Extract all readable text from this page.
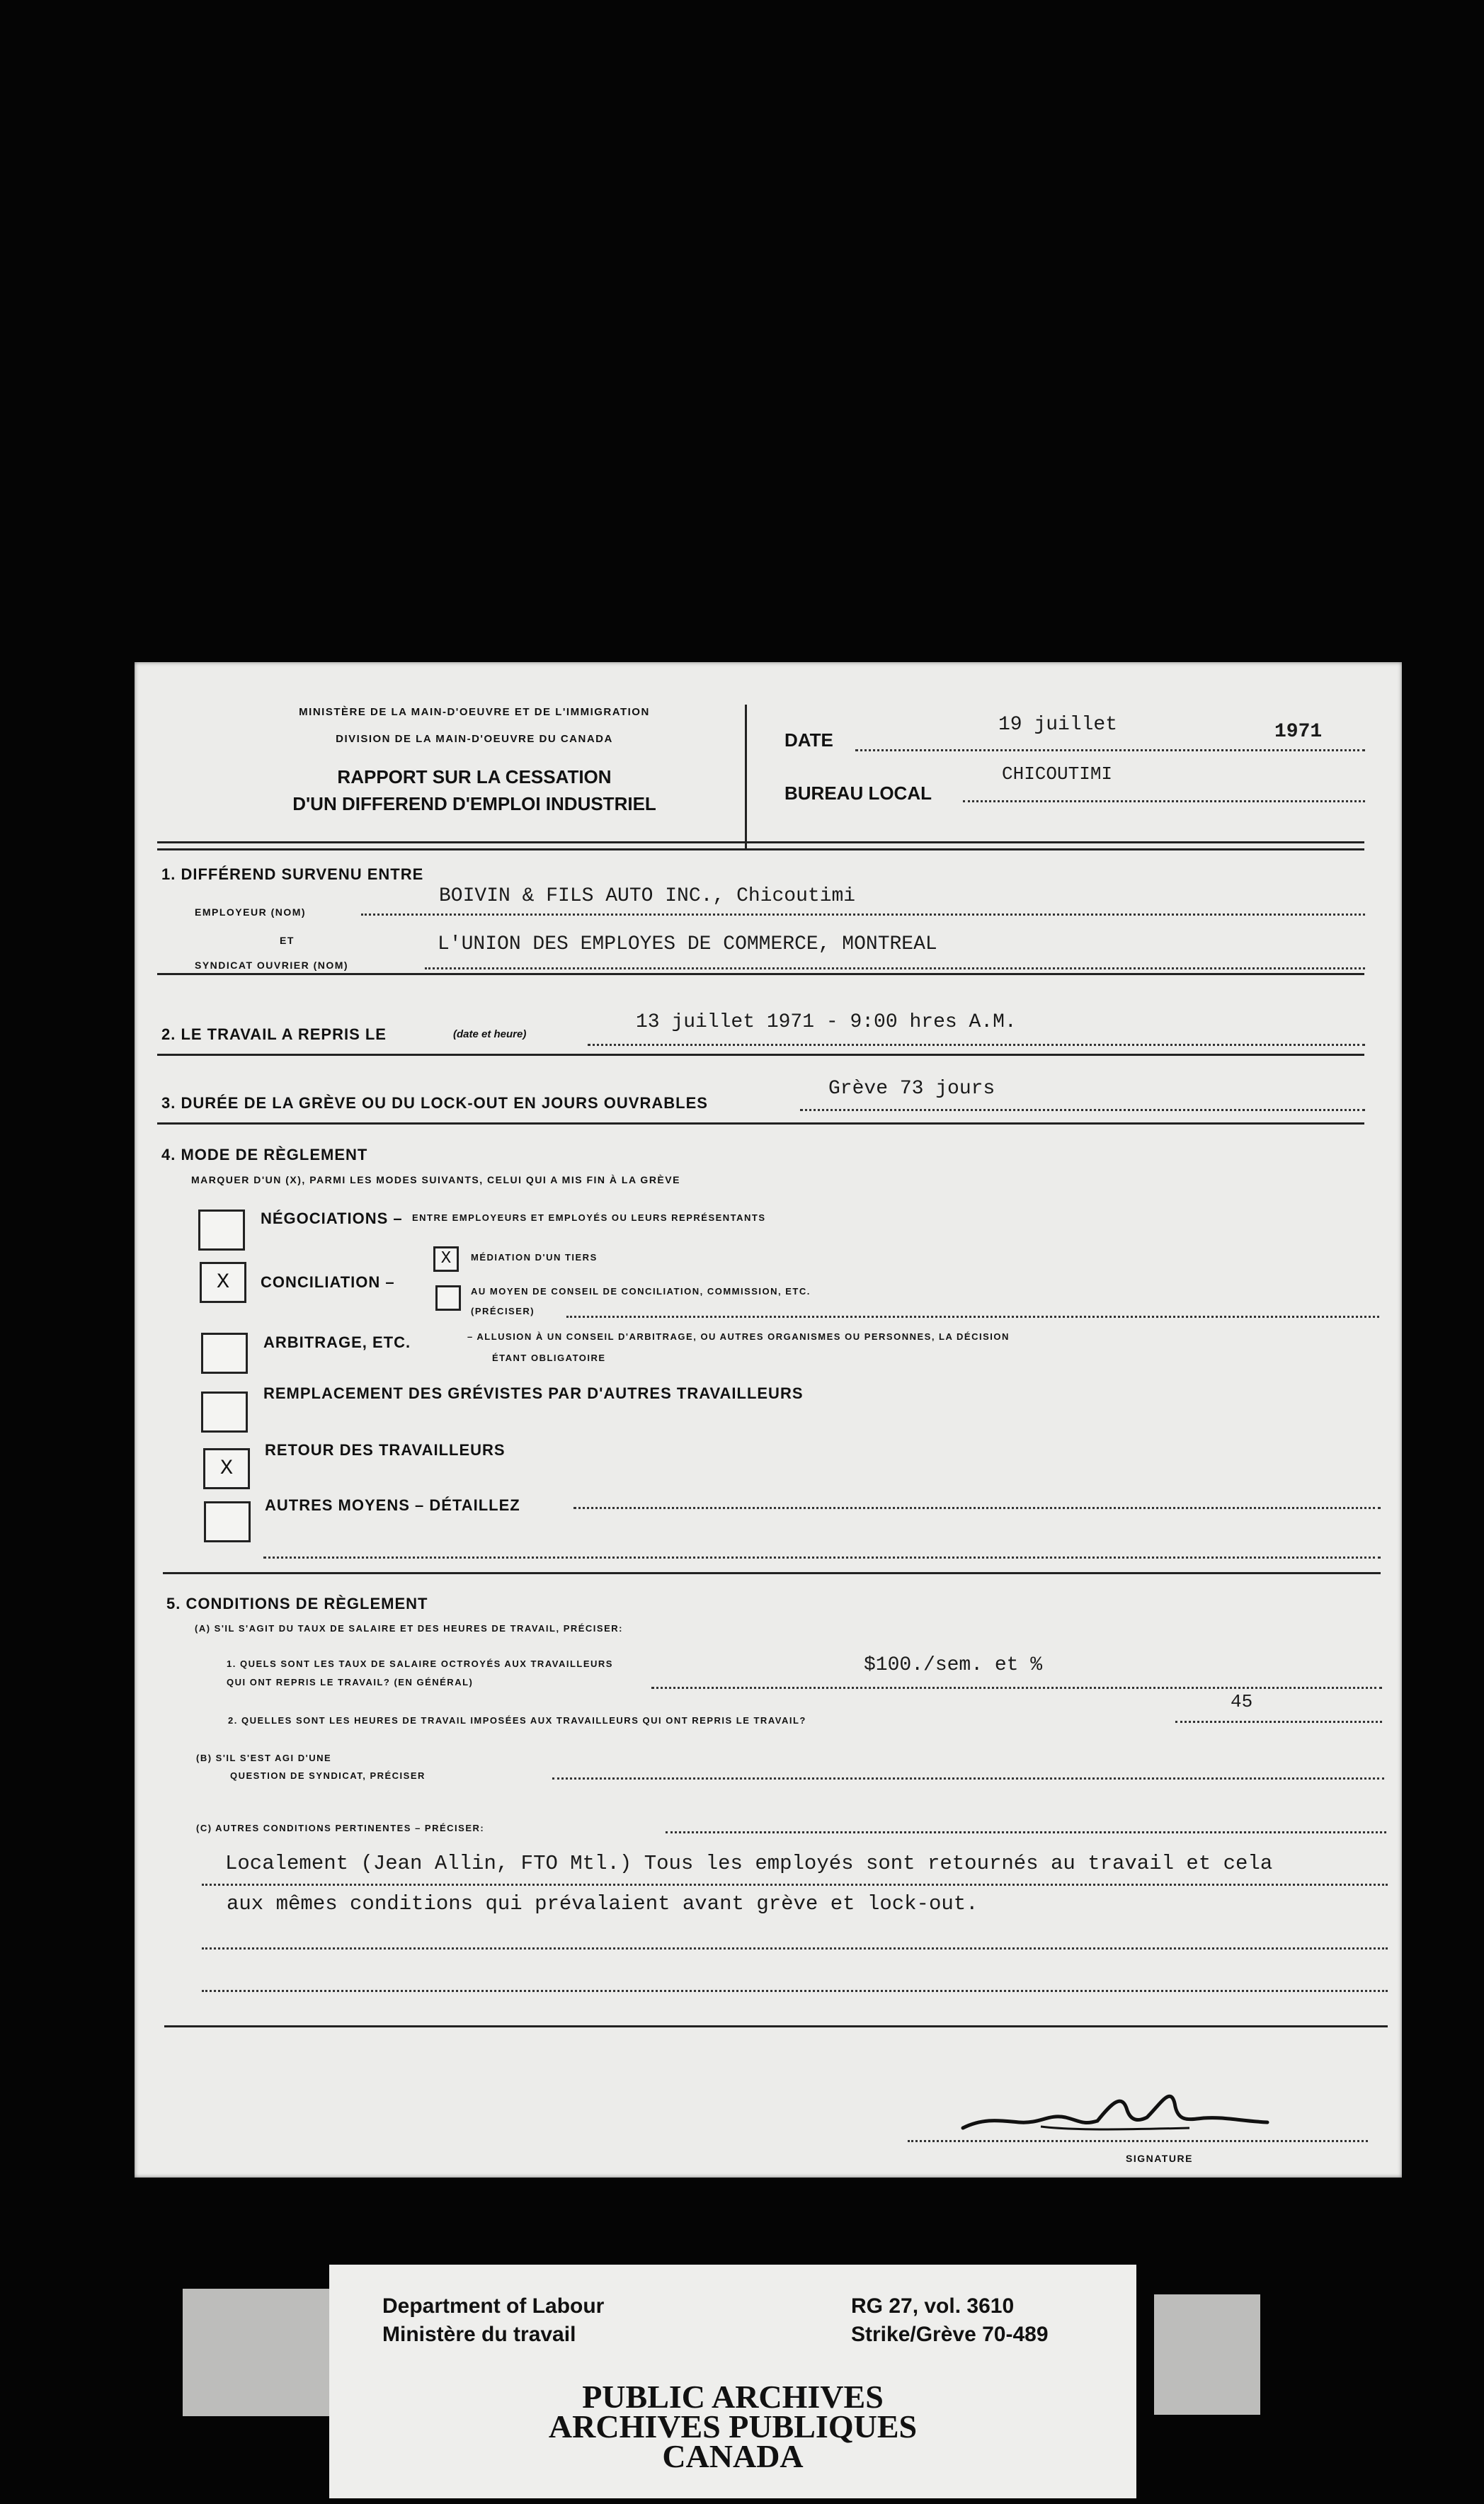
MINISTÈRE DE LA MAIN-D'OEUVRE ET DE L'IMMIGRATION
DIVISION DE LA MAIN-D'OEUVRE DU CANADA
RAPPORT SUR LA CESSATION
D'UN DIFFEREND D'EMPLOI INDUSTRIEL
DATE
19 juillet	1971
BUREAU LOCAL
CHICOUTIMI
1. DIFFÉREND SURVENU ENTRE
EMPLOYEUR (NOM)
BOIVIN & FILS AUTO INC., Chicoutimi
ET
SYNDICAT OUVRIER (NOM)
L'UNION DES EMPLOYES DE COMMERCE, MONTREAL
2. LE TRAVAIL A REPRIS LE	(date et heure)
13 juillet 1971 - 9:00 hres A.M.
3. DURÉE DE LA GRÈVE OU DU LOCK-OUT EN JOURS OUVRABLES
Grève 73 jours
4. MODE DE RÈGLEMENT
MARQUER D'UN (X), PARMI LES MODES SUIVANTS, CELUI QUI A MIS FIN À LA GRÈVE
NÉGOCIATIONS – ENTRE EMPLOYEURS ET EMPLOYÉS OU LEURS REPRÉSENTANTS
X	CONCILIATION –
X	MÉDIATION D'UN TIERS
AU MOYEN DE CONSEIL DE CONCILIATION, COMMISSION, ETC.
(PRÉCISER)
ARBITRAGE, ETC.	– ALLUSION À UN CONSEIL D'ARBITRAGE, OU AUTRES ORGANISMES OU PERSONNES, LA DÉCISION
ÉTANT OBLIGATOIRE
REMPLACEMENT DES GRÉVISTES PAR D'AUTRES TRAVAILLEURS
X
RETOUR DES TRAVAILLEURS
AUTRES MOYENS – DÉTAILLEZ
5. CONDITIONS DE RÈGLEMENT
(A) S'IL S'AGIT DU TAUX DE SALAIRE ET DES HEURES DE TRAVAIL, PRÉCISER:
1. QUELS SONT LES TAUX DE SALAIRE OCTROYÉS AUX TRAVAILLEURS
QUI ONT REPRIS LE TRAVAIL? (EN GÉNÉRAL)
$100./sem. et %
2. QUELLES SONT LES HEURES DE TRAVAIL IMPOSÉES AUX TRAVAILLEURS QUI ONT REPRIS LE TRAVAIL?
45
(B) S'IL S'EST AGI D'UNE
QUESTION DE SYNDICAT, PRÉCISER
(C) AUTRES CONDITIONS PERTINENTES – PRÉCISER:
Localement (Jean Allin, FTO Mtl.) Tous les employés sont retournés au travail et cela
aux mêmes conditions qui prévalaient avant grève et lock-out.
SIGNATURE
Department of Labour
Ministère du travail
RG 27, vol. 3610
Strike/Grève 70-489
PUBLIC ARCHIVES
ARCHIVES PUBLIQUES
CANADA
